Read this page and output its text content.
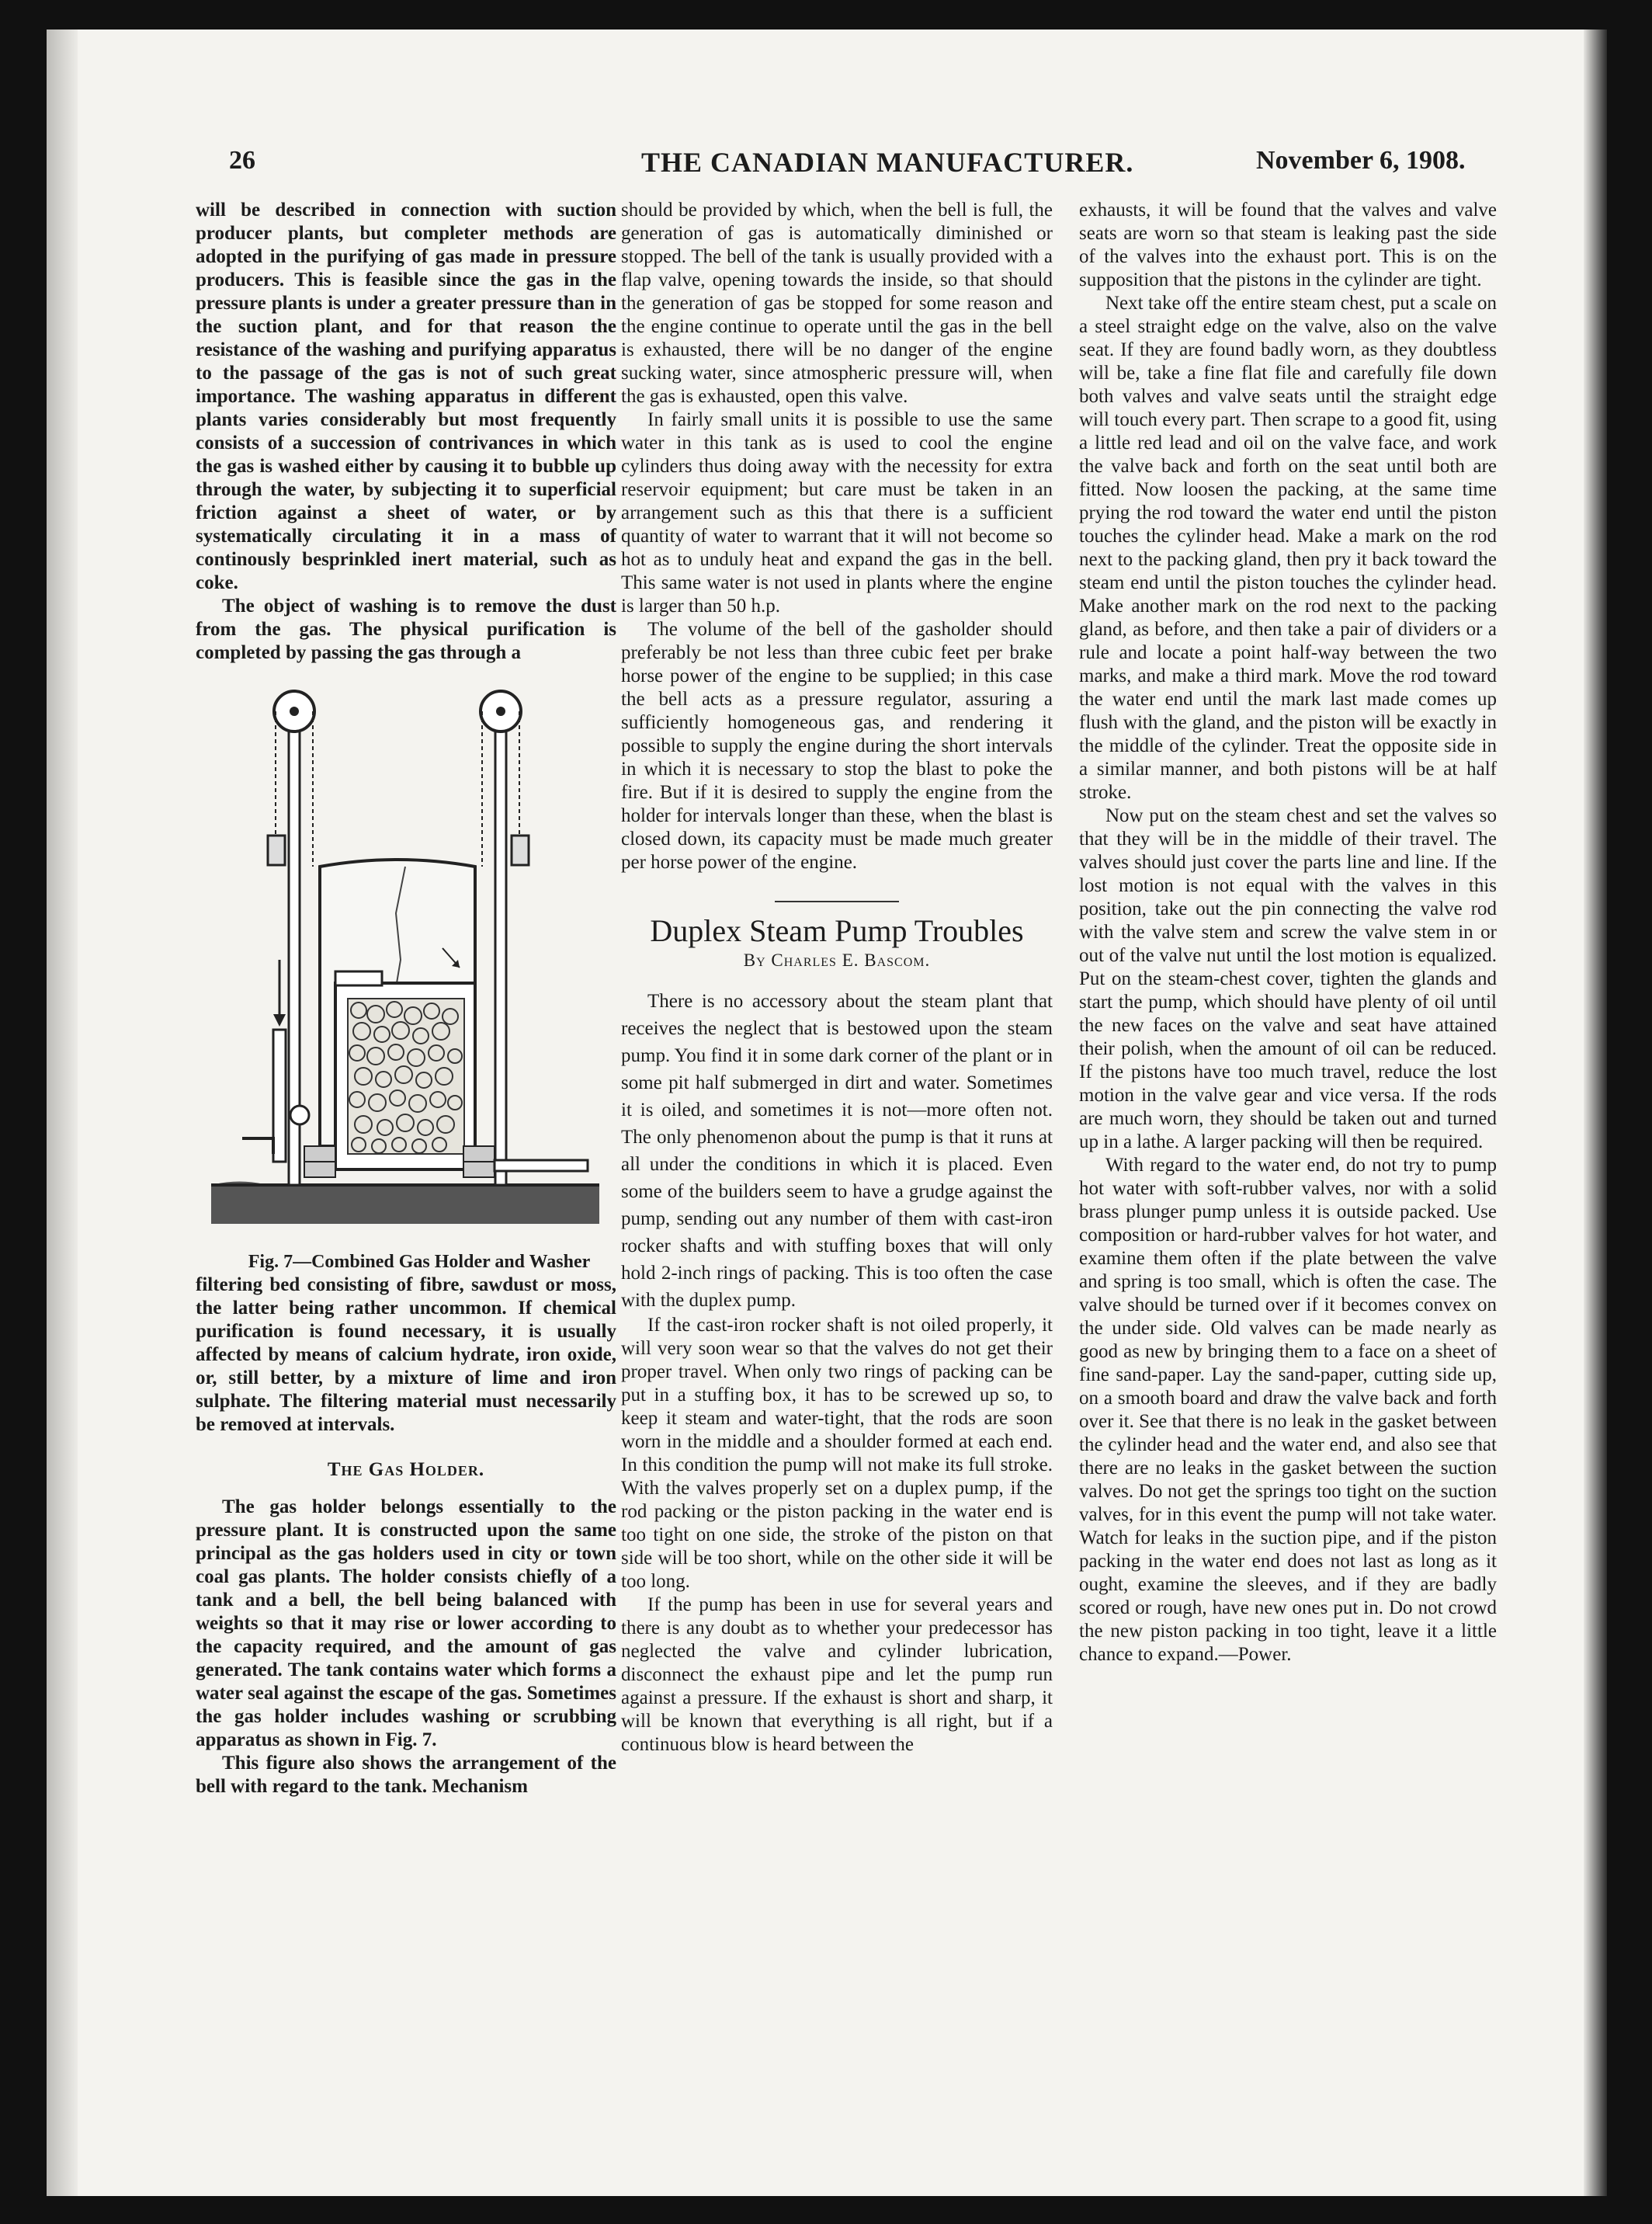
26	THE CANADIAN MANUFACTURER.	November 6, 1908.

will be described in connection with suction producer plants, but completer methods are adopted in the purifying of gas made in pressure producers. This is feasible since the gas in the pressure plants is under a greater pressure than in the suction plant, and for that reason the resistance of the washing and purifying apparatus to the passage of the gas is not of such great importance. The washing apparatus in different plants varies considerably but most frequently consists of a succession of contrivances in which the gas is washed either by causing it to bubble up through the water, by subjecting it to superficial friction against a sheet of water, or by systematically circulating it in a mass of continously besprinkled inert material, such as coke.

The object of washing is to remove the dust from the gas. The physical purification is completed by passing the gas through a

Fig. 7—Combined Gas Holder and Washer

filtering bed consisting of fibre, sawdust or moss, the latter being rather uncommon. If chemical purification is found necessary, it is usually affected by means of calcium hydrate, iron oxide, or, still better, by a mixture of lime and iron sulphate. The filtering material must necessarily be removed at intervals.

The Gas Holder.

The gas holder belongs essentially to the pressure plant. It is constructed upon the same principal as the gas holders used in city or town coal gas plants. The holder consists chiefly of a tank and a bell, the bell being balanced with weights so that it may rise or lower according to the capacity required, and the amount of gas generated. The tank contains water which forms a water seal against the escape of the gas. Sometimes the gas holder includes washing or scrubbing apparatus as shown in Fig. 7.

This figure also shows the arrangement of the bell with regard to the tank. Mechanism

should be provided by which, when the bell is full, the generation of gas is automatically diminished or stopped. The bell of the tank is usually provided with a flap valve, opening towards the inside, so that should the generation of gas be stopped for some reason and the engine continue to operate until the gas in the bell is exhausted, there will be no danger of the engine sucking water, since atmospheric pressure will, when the gas is exhausted, open this valve.

In fairly small units it is possible to use the same water in this tank as is used to cool the engine cylinders thus doing away with the necessity for extra reservoir equipment; but care must be taken in an arrangement such as this that there is a sufficient quantity of water to warrant that it will not become so hot as to unduly heat and expand the gas in the bell. This same water is not used in plants where the engine is larger than 50 h.p.

The volume of the bell of the gasholder should preferably be not less than three cubic feet per brake horse power of the engine to be supplied; in this case the bell acts as a pressure regulator, assuring a sufficiently homogeneous gas, and rendering it possible to supply the engine during the short intervals in which it is necessary to stop the blast to poke the fire. But if it is desired to supply the engine from the holder for intervals longer than these, when the blast is closed down, its capacity must be made much greater per horse power of the engine.

Duplex Steam Pump Troubles
By Charles E. Bascom.

There is no accessory about the steam plant that receives the neglect that is bestowed upon the steam pump. You find it in some dark corner of the plant or in some pit half submerged in dirt and water. Sometimes it is oiled, and sometimes it is not—more often not. The only phenomenon about the pump is that it runs at all under the conditions in which it is placed. Even some of the builders seem to have a grudge against the pump, sending out any number of them with cast-iron rocker shafts and with stuffing boxes that will only hold 2-inch rings of packing. This is too often the case with the duplex pump.

If the cast-iron rocker shaft is not oiled properly, it will very soon wear so that the valves do not get their proper travel. When only two rings of packing can be put in a stuffing box, it has to be screwed up so, to keep it steam and water-tight, that the rods are soon worn in the middle and a shoulder formed at each end. In this condition the pump will not make its full stroke. With the valves properly set on a duplex pump, if the rod packing or the piston packing in the water end is too tight on one side, the stroke of the piston on that side will be too short, while on the other side it will be too long.

If the pump has been in use for several years and there is any doubt as to whether your predecessor has neglected the valve and cylinder lubrication, disconnect the exhaust pipe and let the pump run against a pressure. If the exhaust is short and sharp, it will be known that everything is all right, but if a continuous blow is heard between the

exhausts, it will be found that the valves and valve seats are worn so that steam is leaking past the side of the valves into the exhaust port. This is on the supposition that the pistons in the cylinder are tight.

Next take off the entire steam chest, put a scale on a steel straight edge on the valve, also on the valve seat. If they are found badly worn, as they doubtless will be, take a fine flat file and carefully file down both valves and valve seats until the straight edge will touch every part. Then scrape to a good fit, using a little red lead and oil on the valve face, and work the valve back and forth on the seat until both are fitted. Now loosen the packing, at the same time prying the rod toward the water end until the piston touches the cylinder head. Make a mark on the rod next to the packing gland, then pry it back toward the steam end until the piston touches the cylinder head. Make another mark on the rod next to the packing gland, as before, and then take a pair of dividers or a rule and locate a point half-way between the two marks, and make a third mark. Move the rod toward the water end until the mark last made comes up flush with the gland, and the piston will be exactly in the middle of the cylinder. Treat the opposite side in a similar manner, and both pistons will be at half stroke.

Now put on the steam chest and set the valves so that they will be in the middle of their travel. The valves should just cover the parts line and line. If the lost motion is not equal with the valves in this position, take out the pin connecting the valve rod with the valve stem and screw the valve stem in or out of the valve nut until the lost motion is equalized. Put on the steam-chest cover, tighten the glands and start the pump, which should have plenty of oil until the new faces on the valve and seat have attained their polish, when the amount of oil can be reduced. If the pistons have too much travel, reduce the lost motion in the valve gear and vice versa. If the rods are much worn, they should be taken out and turned up in a lathe. A larger packing will then be required.

With regard to the water end, do not try to pump hot water with soft-rubber valves, nor with a solid brass plunger pump unless it is outside packed. Use composition or hard-rubber valves for hot water, and examine them often if the plate between the valve and spring is too small, which is often the case. The valve should be turned over if it becomes convex on the under side. Old valves can be made nearly as good as new by bringing them to a face on a sheet of fine sand-paper. Lay the sand-paper, cutting side up, on a smooth board and draw the valve back and forth over it. See that there is no leak in the gasket between the cylinder head and the water end, and also see that there are no leaks in the gasket between the suction valves. Do not get the springs too tight on the suction valves, for in this event the pump will not take water. Watch for leaks in the suction pipe, and if the piston packing in the water end does not last as long as it ought, examine the sleeves, and if they are badly scored or rough, have new ones put in. Do not crowd the new piston packing in too tight, leave it a little chance to expand.—Power.
